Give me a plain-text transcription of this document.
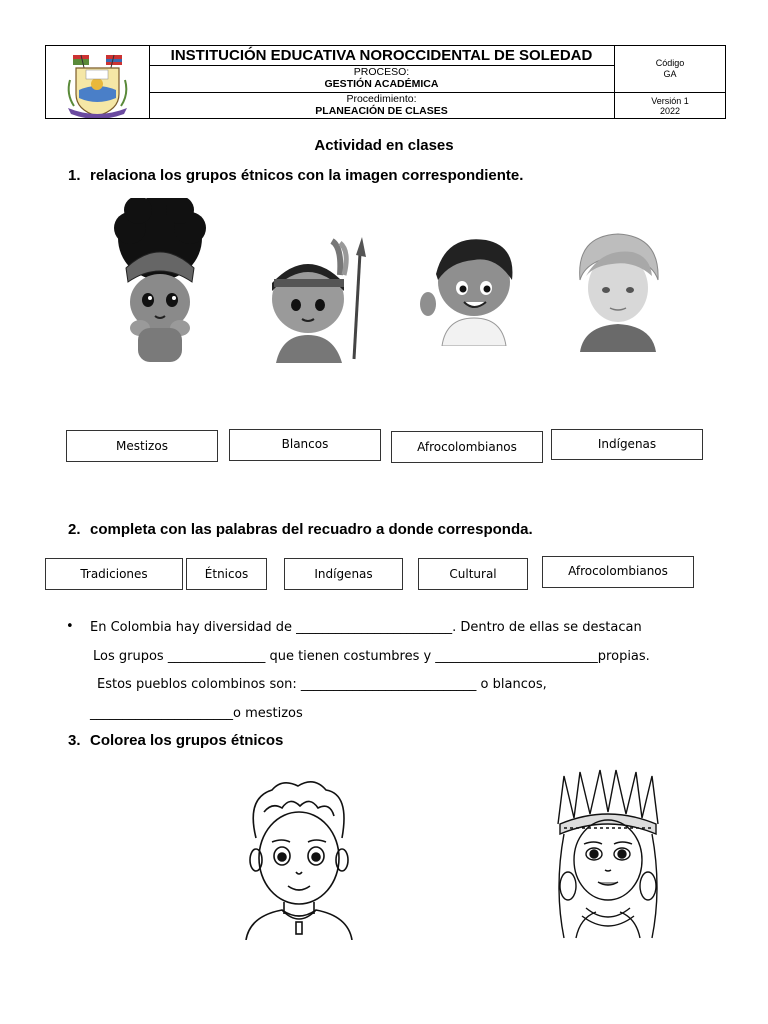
INSTITUCIÓN EDUCATIVA NOROCCIDENTAL DE SOLEDAD
PROCESO:
GESTIÓN ACADÉMICA
Procedimiento:
PLANEACIÓN DE CLASES
Código
GA
Versión 1
2022
Actividad en clases
1. relaciona los grupos étnicos con la imagen correspondiente.
Mestizos	Blancos	Afrocolombianos	Indígenas
2. completa con las palabras del recuadro a donde corresponda.
Tradiciones	Étnicos	Indígenas	Cultural	Afrocolombianos
• En Colombia hay diversidad de ________________________. Dentro de ellas se destacan
Los grupos _______________ que tienen costumbres y _________________________propias.
Estos pueblos colombinos son: ___________________________ o blancos,
______________________o mestizos
3. Colorea los grupos étnicos
